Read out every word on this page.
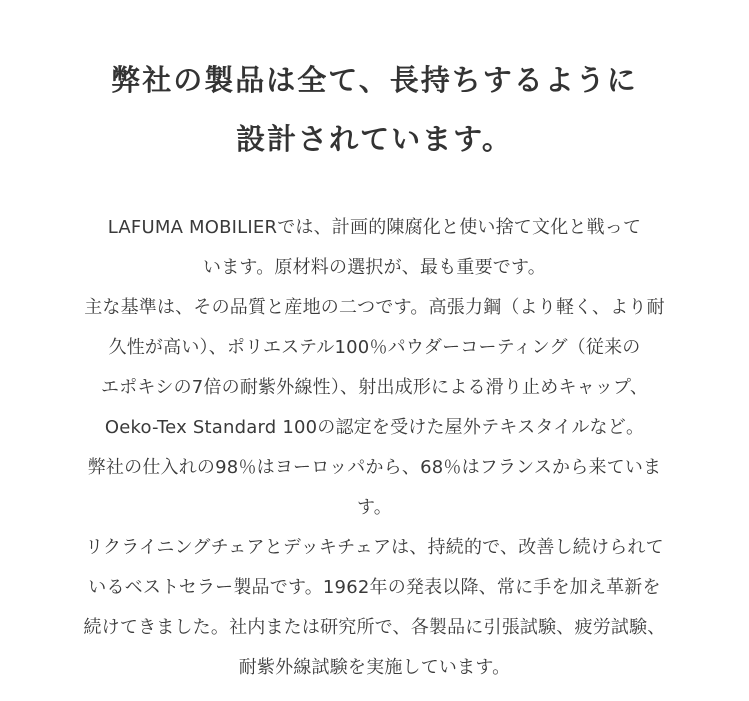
弊社の製品は全て、長持ちするように
設計されています。
LAFUMA MOBILIERでは、計画的陳腐化と使い捨て文化と戦って
います。原材料の選択が、最も重要です。
主な基準は、その品質と産地の二つです。高張力鋼（より軽く、より耐
久性が高い）、ポリエステル100％パウダーコーティング（従来の
エポキシの7倍の耐紫外線性）、射出成形による滑り止めキャップ、
Oeko-Tex Standard 100の認定を受けた屋外テキスタイルなど。
弊社の仕入れの98％はヨーロッパから、68％はフランスから来ていま
す。
リクライニングチェアとデッキチェアは、持続的で、改善し続けられて
いるベストセラー製品です。1962年の発表以降、常に手を加え革新を
続けてきました。社内または研究所で、各製品に引張試験、疲労試験、
耐紫外線試験を実施しています。
